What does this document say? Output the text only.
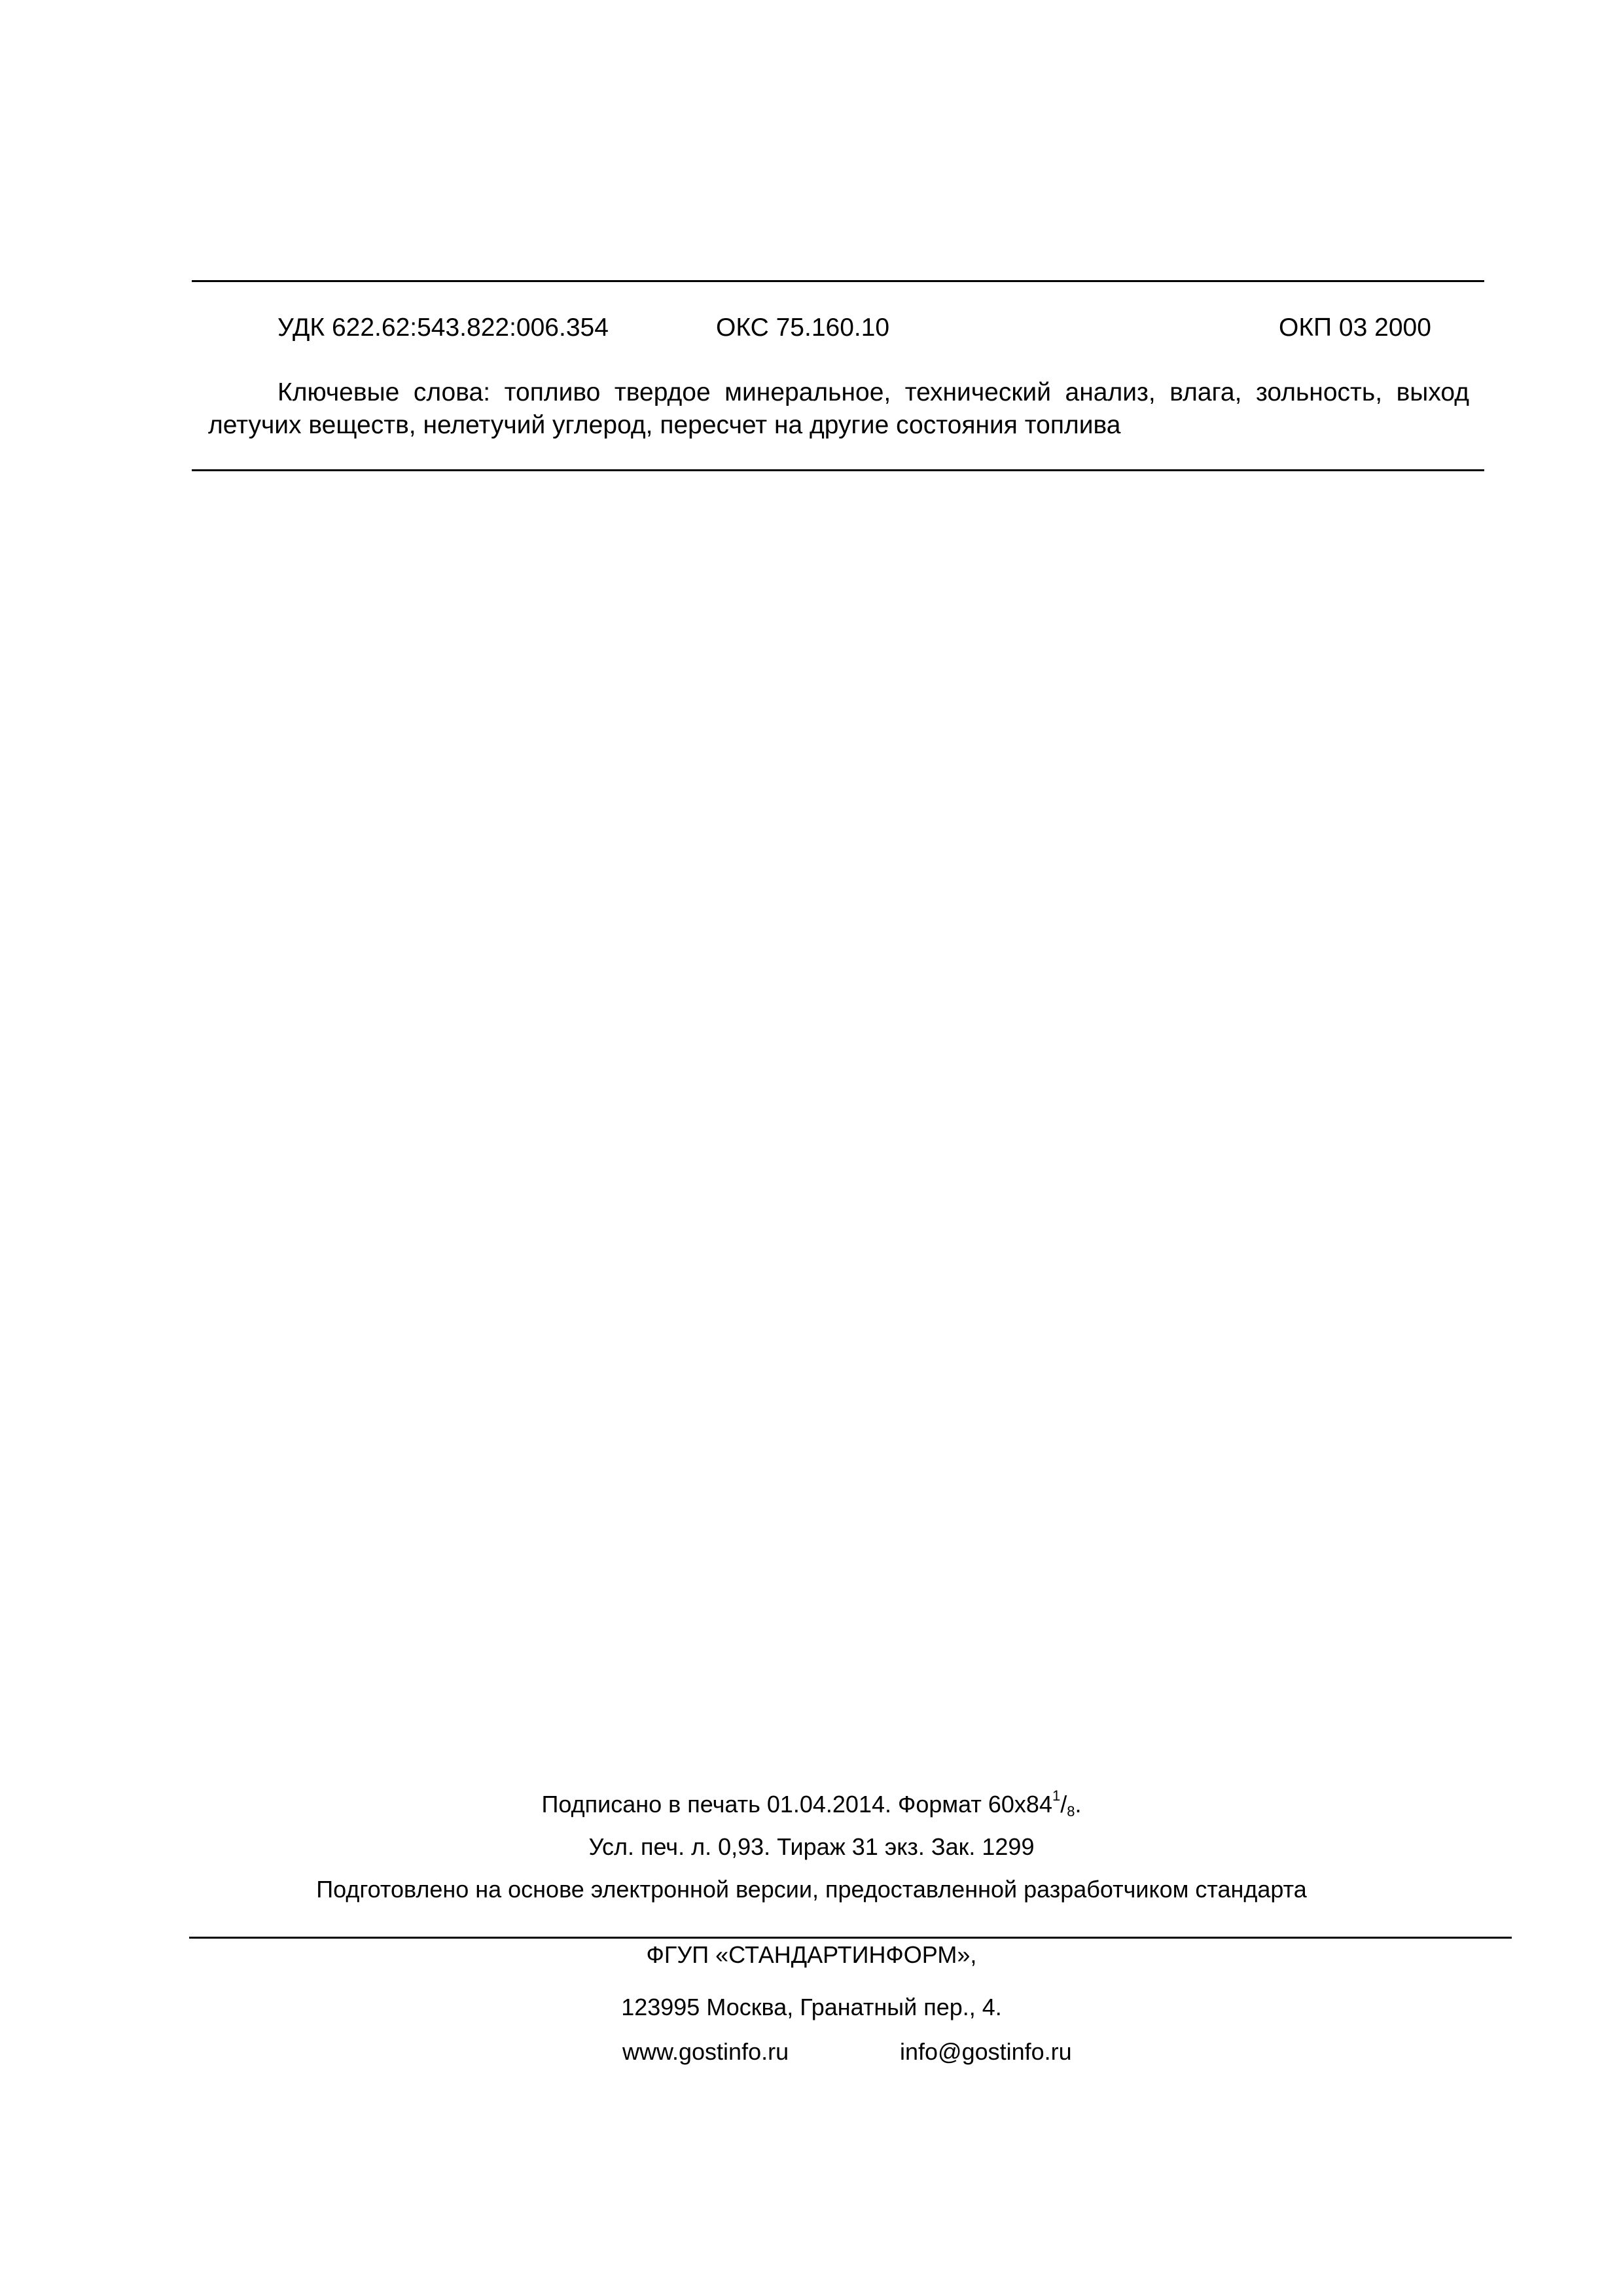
УДК 622.62:543.822:006.354	ОКС 75.160.10	ОКП 03 2000
Ключевые слова: топливо твердое минеральное, технический анализ, влага, зольность, выход летучих веществ, нелетучий углерод, пересчет на другие состояния топлива
Подписано в печать 01.04.2014. Формат $60x84^1/_8$.
Усл. печ. л. 0,93. Тираж 31 экз. Зак. 1299
Подготовлено на основе электронной версии, предоставленной разработчиком стандарта
ФГУП «СТАНДАРТИНФОРМ»,
123995 Москва, Гранатный пер., 4.
www.gostinfo.ru	info@gostinfo.ru
